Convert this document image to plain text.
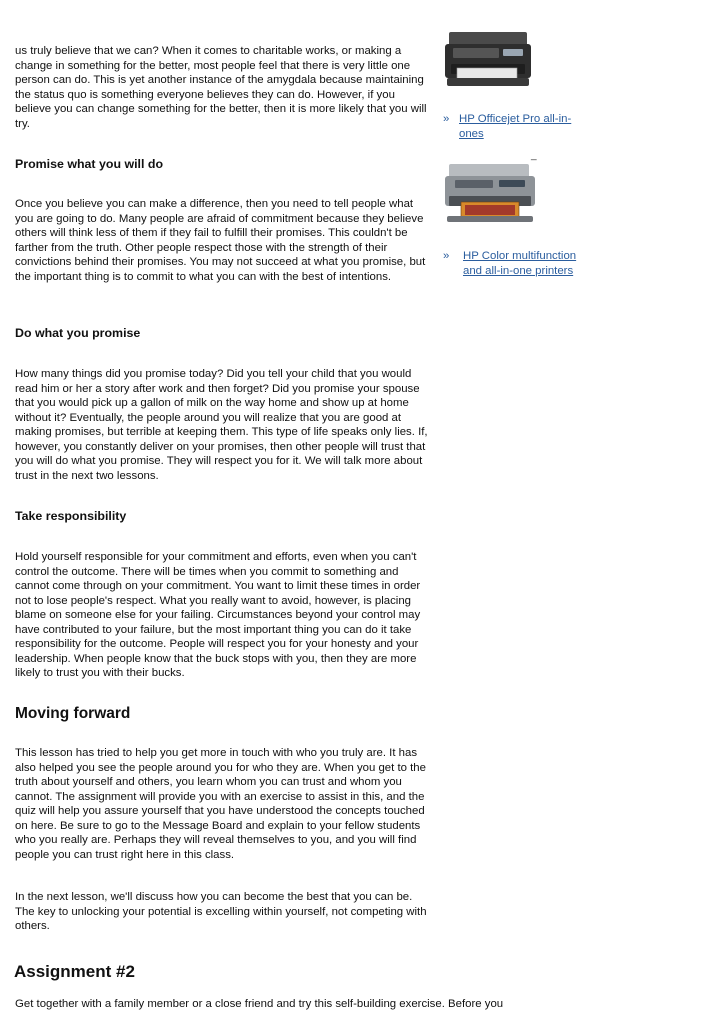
us truly believe that we can? When it comes to charitable works, or making a change in something for the better, most people feel that there is very little one person can do. This is yet another instance of the amygdala because maintaining the status quo is something everyone believes they can do. However, if you believe you can change something for the better, then it is more likely that you will try.

Promise what you will do

Once you believe you can make a difference, then you need to tell people what you are going to do. Many people are afraid of commitment because they believe others will think less of them if they fail to fulfill their promises. This couldn't be farther from the truth. Other people respect those with the strength of their convictions behind their promises. You may not succeed at what you promise, but the important thing is to commit to what you can with the best of intentions.

Do what you promise

How many things did you promise today? Did you tell your child that you would read him or her a story after work and then forget? Did you promise your spouse that you would pick up a gallon of milk on the way home and show up at home without it? Eventually, the people around you will realize that you are good at making promises, but terrible at keeping them. This type of life speaks only lies. If, however, you constantly deliver on your promises, then other people will trust that you will do what you promise. They will respect you for it. We will talk more about trust in the next two lessons.

Take responsibility

Hold yourself responsible for your commitment and efforts, even when you can't control the outcome. There will be times when you commit to something and cannot come through on your commitment. You want to limit these times in order not to lose people's respect. What you really want to avoid, however, is placing blame on someone else for your failing. Circumstances beyond your control may have contributed to your failure, but the most important thing you can do it take responsibility for the outcome. People will respect you for your honesty and your leadership. When people know that the buck stops with you, then they are more likely to trust you with their bucks.

Moving forward

This lesson has tried to help you get more in touch with who you truly are. It has also helped you see the people around you for who they are. When you get to the truth about yourself and others, you learn whom you can trust and whom you cannot. The assignment will provide you with an exercise to assist in this, and the quiz will help you assure yourself that you have understood the concepts touched on here. Be sure to go to the Message Board and explain to your fellow students who you really are. Perhaps they will reveal themselves to you, and you will find people you can trust right here in this class.

In the next lesson, we'll discuss how you can become the best that you can be. The key to unlocking your potential is excelling within yourself, not competing with others.

Assignment #2

Get together with a family member or a close friend and try this self-building exercise. Before you

» HP Officejet Pro all-in-ones
_
» HP Color multifunction and all-in-one printers
